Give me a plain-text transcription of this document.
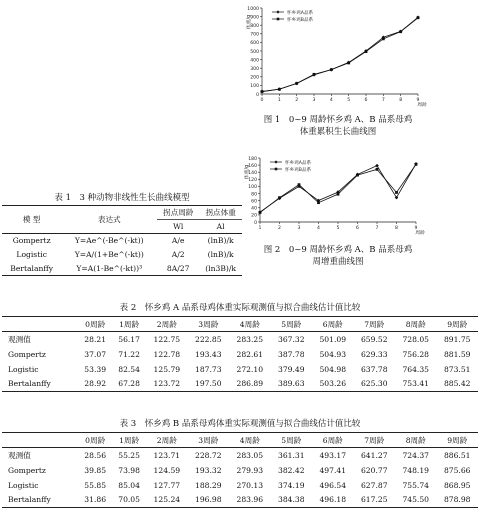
0
100
200
300
400
500
600
700
800
900
1000
0	1	2	3	4	5	6	7	8	9
体重/g
周龄
怀乡鸡A品系
怀乡鸡B品系
图 1　0~9 周龄怀乡鸡 A、B 品系母鸡
体重累积生长曲线图
0
20
40
60
80
100
120
140
160
180
1	2	3	4	5	6	7	8	9
体重/g
周龄
怀乡鸡A品系
怀乡鸡B品系
图 2　0~9 周龄怀乡鸡 A、B 品系母鸡
周增重曲线图
表 1　3 种动物非线性生长曲线模型
模 型	表达式	拐点周龄	拐点体重
		Wl	Al
Gompertz	Y=Ae^(-Be^(-kt))	A/e	(lnB)/k
Logistic	Y=A/(1+Be^(-kt))	A/2	(lnB)/k
Bertalanffy	Y=A(1-Be^(-kt))³	8A/27	(ln3B)/k
表 2　怀乡鸡 A 品系母鸡体重实际观测值与拟合曲线估计值比较
	0周龄	1周龄	2周龄	3周龄	4周龄	5周龄	6周龄	7周龄	8周龄	9周龄
观测值	28.21	56.17	122.75	222.85	283.25	367.32	501.09	659.52	728.05	891.75
Gompertz	37.07	71.22	122.78	193.43	282.61	387.78	504.93	629.33	756.28	881.59
Logistic	53.39	82.54	125.79	187.73	272.10	379.49	504.98	637.78	764.35	873.51
Bertalanffy	28.92	67.28	123.72	197.50	286.89	389.63	503.26	625.30	753.41	885.42
表 3　怀乡鸡 B 品系母鸡体重实际观测值与拟合曲线估计值比较
	0周龄	1周龄	2周龄	3周龄	4周龄	5周龄	6周龄	7周龄	8周龄	9周龄
观测值	28.56	55.25	123.71	228.72	283.05	361.31	493.17	641.27	724.37	886.51
Gompertz	39.85	73.98	124.59	193.32	279.93	382.42	497.41	620.77	748.19	875.66
Logistic	55.85	85.04	127.77	188.29	270.13	374.19	496.54	627.87	755.74	868.95
Bertalanffy	31.86	70.05	125.24	196.98	283.96	384.38	496.18	617.25	745.50	878.98
